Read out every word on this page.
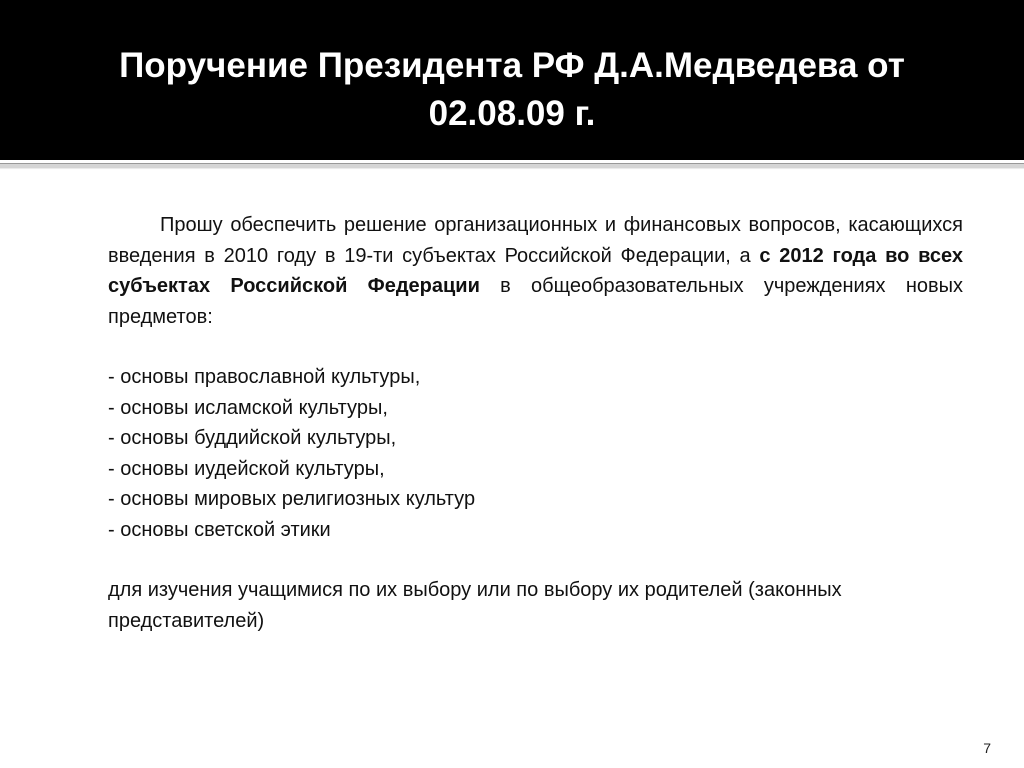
Поручение Президента РФ Д.А.Медведева от
02.08.09 г.

Прошу обеспечить решение организационных и финансовых вопросов, касающихся введения в 2010 году в 19-ти субъектах Российской Федерации, а с 2012 года во всех субъектах Российской Федерации в общеобразовательных учреждениях новых предметов:

- основы православной культуры,
- основы исламской культуры,
- основы буддийской культуры,
- основы иудейской культуры,
- основы мировых религиозных культур
- основы светской этики

для изучения учащимися по их выбору или по выбору их родителей (законных представителей)

7
